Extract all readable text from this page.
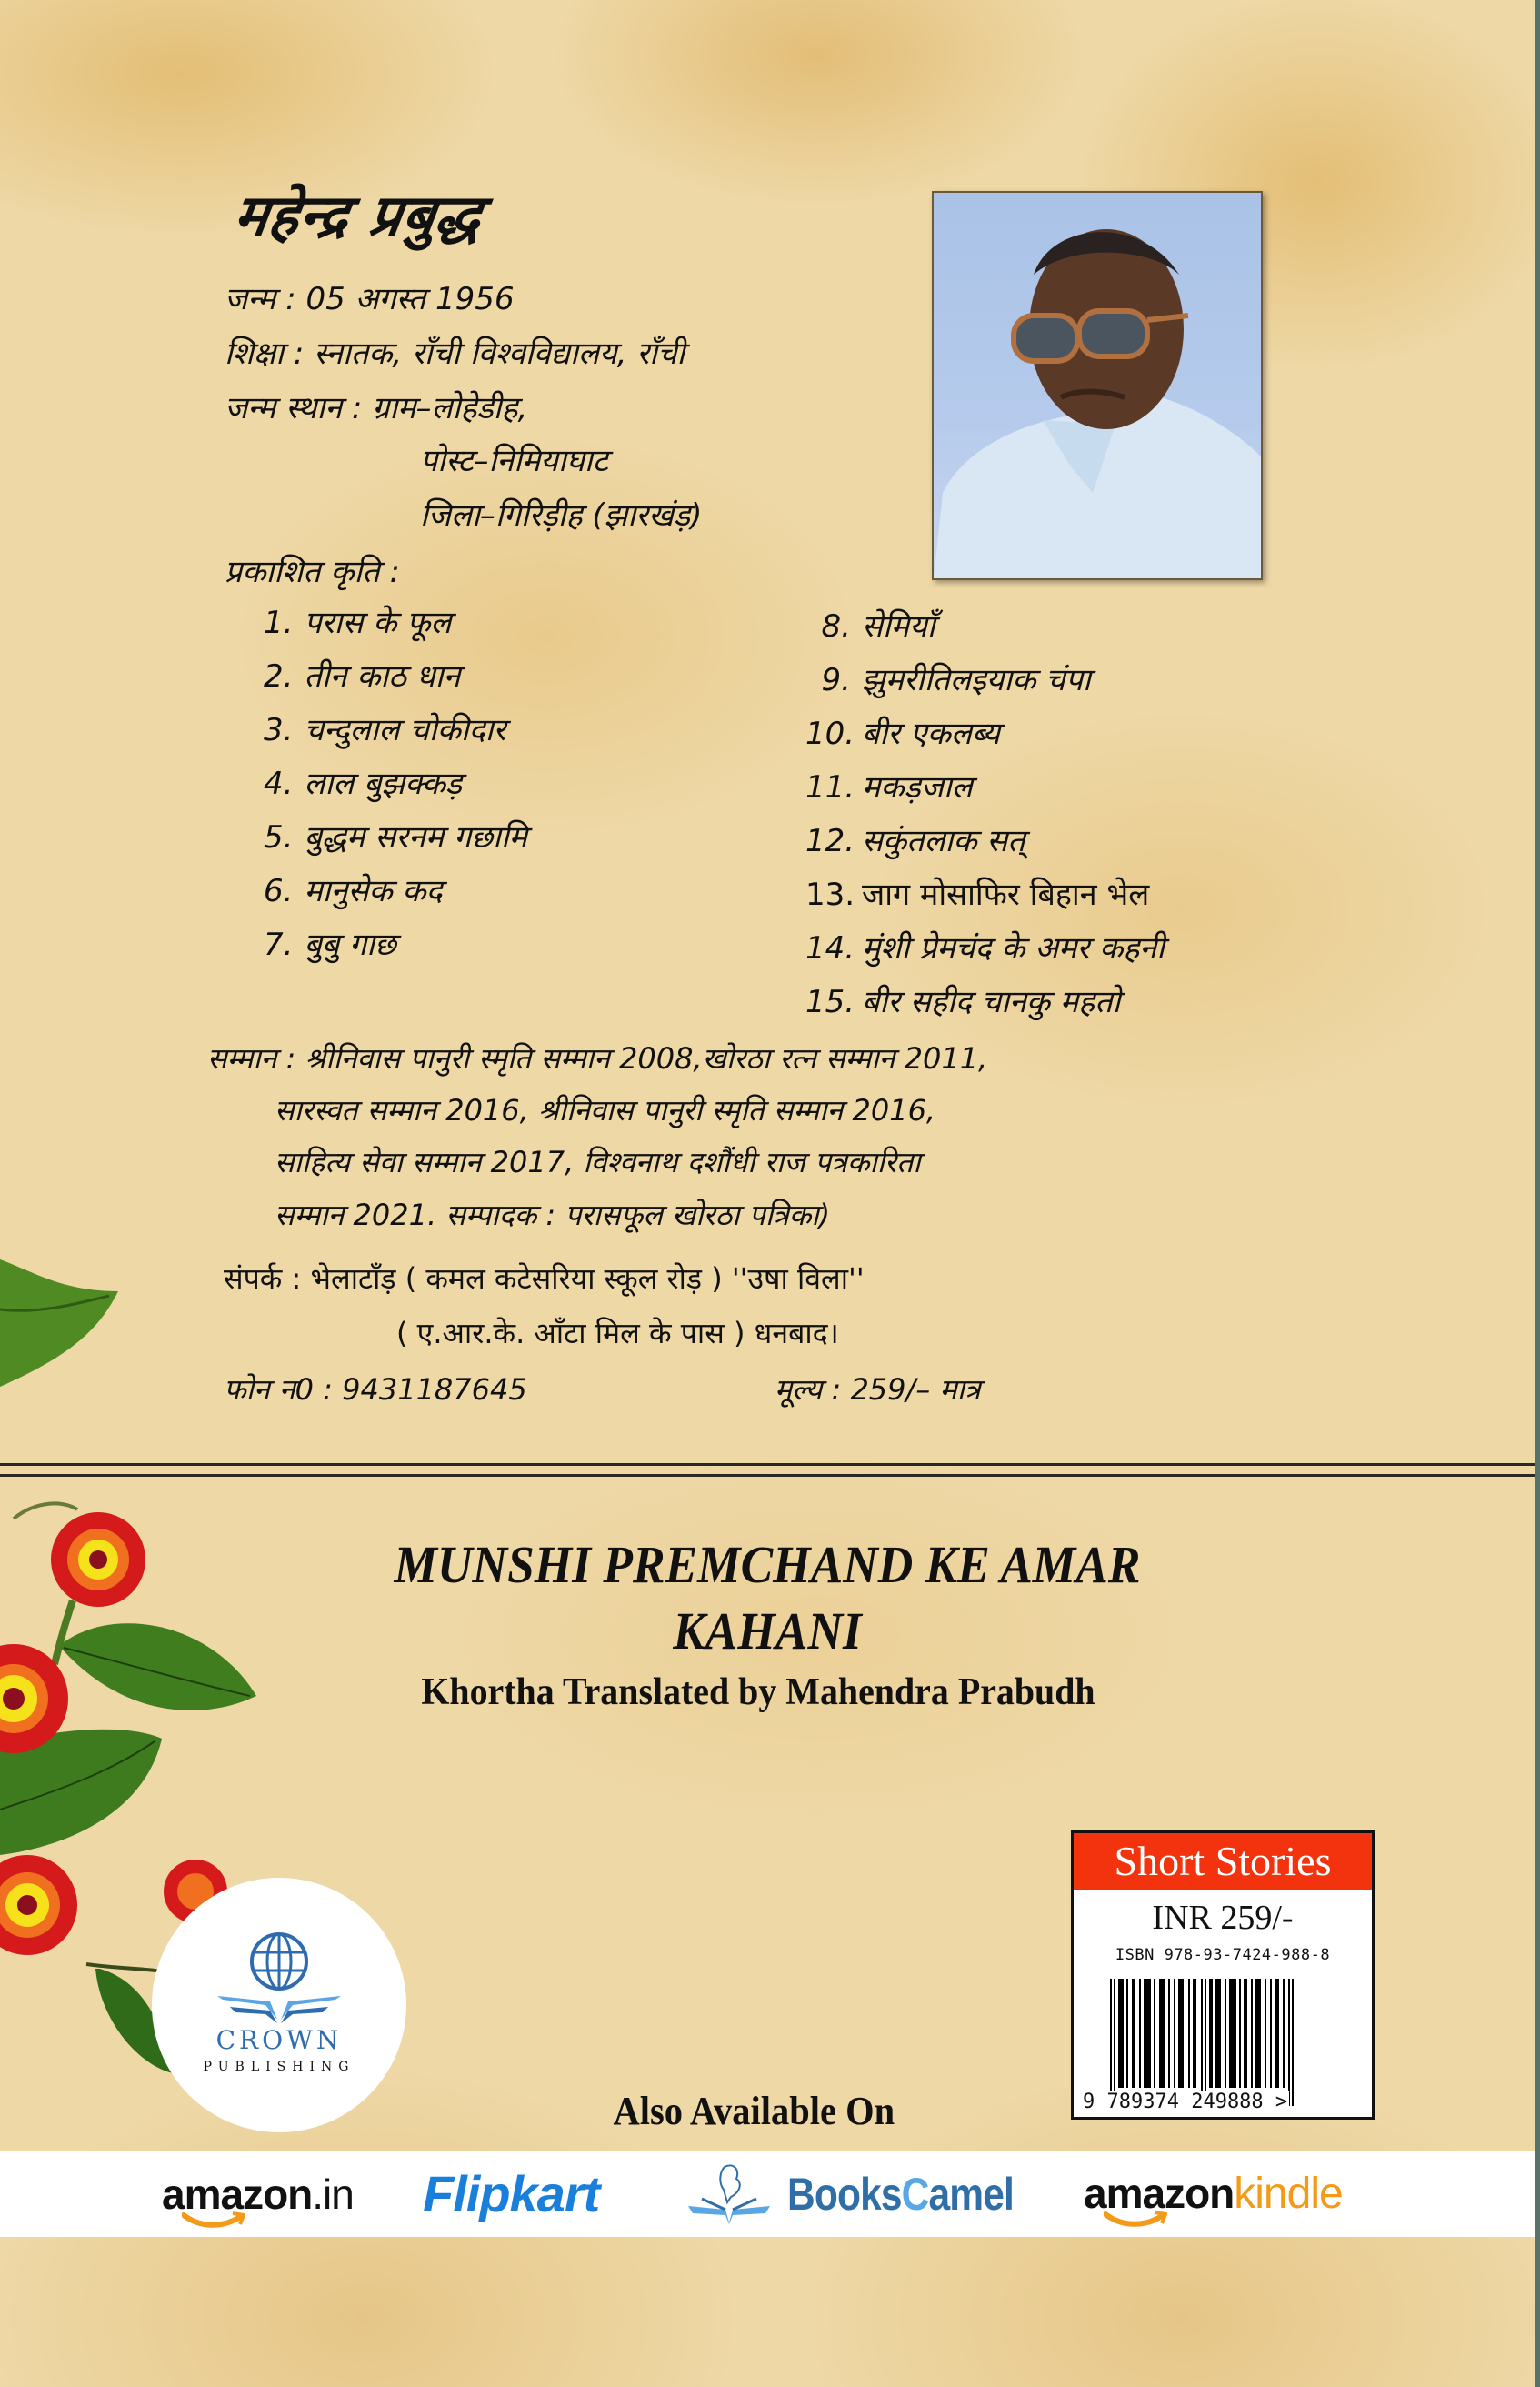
महेन्द्र प्रबुद्ध
जन्म : 05 अगस्त 1956
शिक्षा : स्नातक, राँची विश्वविद्यालय, राँची
जन्म स्थान : ग्राम–लोहेडीह,
पोस्ट–निमियाघाट
जिला–गिरिड़ीह (झारखंड़)
प्रकाशित कृति :
1. परास के फूल
2. तीन काठ धान
3. चन्दुलाल चोकीदार
4. लाल बुझक्कड़
5. बुद्धम सरनम गछामि
6. मानुसेक कद
7. बुबु गाछ
8. सेमियाँ
9. झुमरीतिलइयाक चंपा
10. बीर एकलब्य
11. मकड़जाल
12. सकुंतलाक सत्
13. जाग मोसाफिर बिहान भेल
14. मुंशी प्रेमचंद के अमर कहनी
15. बीर सहीद चानकु महतो
सम्मान : श्रीनिवास पानुरी स्मृति सम्मान 2008,खोरठा रत्न सम्मान 2011,
सारस्वत सम्मान 2016, श्रीनिवास पानुरी स्मृति सम्मान 2016,
साहित्य सेवा सम्मान 2017, विश्वनाथ दशौंधी राज पत्रकारिता
सम्मान 2021. सम्पादक : परासफूल खोरठा पत्रिका)
संपर्क : भेलाटाँड़ ( कमल कटेसरिया स्कूल रोड़ ) ''उषा विला''
( ए.आर.के. आँटा मिल के पास ) धनबाद।
फोन न0 : 9431187645	मूल्य : 259/– मात्र
MUNSHI PREMCHAND KE AMAR
KAHANI
Khortha Translated by Mahendra Prabudh
Short Stories
INR 259/-
ISBN 978-93-7424-988-8
9 789374 249888 >
CROWN
PUBLISHING
Also Available On
amazon.in Flipkart	BooksCamel amazonkindle
